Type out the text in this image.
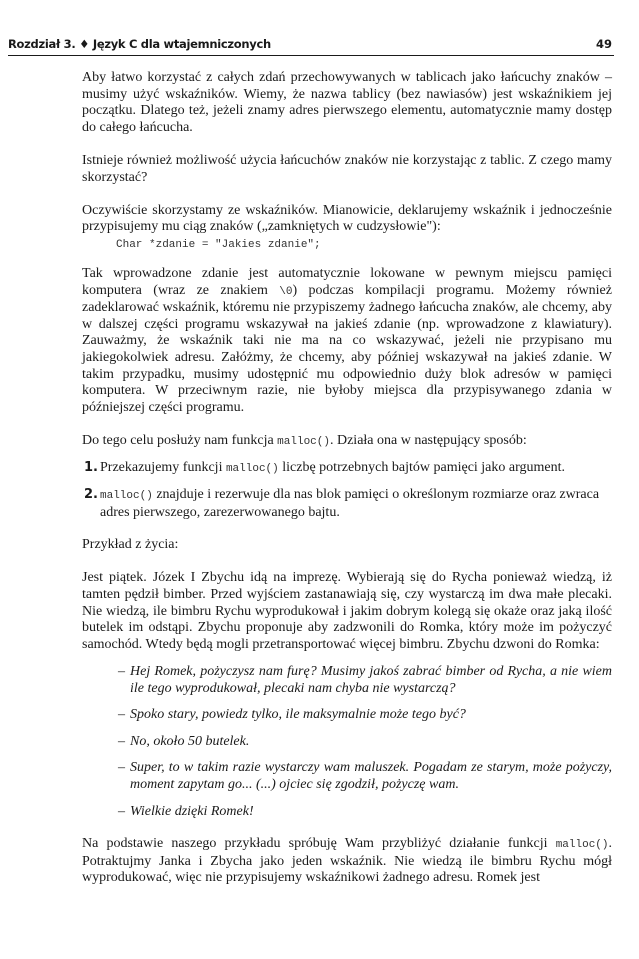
Rozdział 3. ♦ Język C dla wtajemniczonych	49

Aby łatwo korzystać z całych zdań przechowywanych w tablicach jako łańcuchy znaków – musimy użyć wskaźników. Wiemy, że nazwa tablicy (bez nawiasów) jest wskaźnikiem jej początku. Dlatego też, jeżeli znamy adres pierwszego elementu, automatycznie mamy dostęp do całego łańcucha.

Istnieje również możliwość użycia łańcuchów znaków nie korzystając z tablic. Z czego mamy skorzystać?

Oczywiście skorzystamy ze wskaźników. Mianowicie, deklarujemy wskaźnik i jednocześnie przypisujemy mu ciąg znaków („zamkniętych w cudzysłowie"):

Char *zdanie = "Jakies zdanie";

Tak wprowadzone zdanie jest automatycznie lokowane w pewnym miejscu pamięci komputera (wraz ze znakiem \0) podczas kompilacji programu. Możemy również zadeklarować wskaźnik, któremu nie przypiszemy żadnego łańcucha znaków, ale chcemy, aby w dalszej części programu wskazywał na jakieś zdanie (np. wprowadzone z klawiatury). Zauważmy, że wskaźnik taki nie ma na co wskazywać, jeżeli nie przypisano mu jakiegokolwiek adresu. Załóżmy, że chcemy, aby później wskazywał na jakieś zdanie. W takim przypadku, musimy udostępnić mu odpowiednio duży blok adresów w pamięci komputera. W przeciwnym razie, nie byłoby miejsca dla przypisywanego zdania w późniejszej części programu.

Do tego celu posłuży nam funkcja malloc(). Działa ona w następujący sposób:

1. Przekazujemy funkcji malloc() liczbę potrzebnych bajtów pamięci jako argument.
2. malloc() znajduje i rezerwuje dla nas blok pamięci o określonym rozmiarze oraz zwraca adres pierwszego, zarezerwowanego bajtu.

Przykład z życia:

Jest piątek. Józek I Zbychu idą na imprezę. Wybierają się do Rycha ponieważ wiedzą, iż tamten pędził bimber. Przed wyjściem zastanawiają się, czy wystarczą im dwa małe plecaki. Nie wiedzą, ile bimbru Rychu wyprodukował i jakim dobrym kolegą się okaże oraz jaką ilość butelek im odstąpi. Zbychu proponuje aby zadzwonili do Romka, który może im pożyczyć samochód. Wtedy będą mogli przetransportować więcej bimbru. Zbychu dzwoni do Romka:

– Hej Romek, pożyczysz nam furę? Musimy jakoś zabrać bimber od Rycha, a nie wiem ile tego wyprodukował, plecaki nam chyba nie wystarczą?
– Spoko stary, powiedz tylko, ile maksymalnie może tego być?
– No, około 50 butelek.
– Super, to w takim razie wystarczy wam maluszek. Pogadam ze starym, może pożyczy, moment zapytam go... (...) ojciec się zgodził, pożyczę wam.
– Wielkie dzięki Romek!

Na podstawie naszego przykładu spróbuję Wam przybliżyć działanie funkcji malloc(). Potraktujmy Janka i Zbycha jako jeden wskaźnik. Nie wiedzą ile bimbru Rychu mógł wyprodukować, więc nie przypisujemy wskaźnikowi żadnego adresu. Romek jest
